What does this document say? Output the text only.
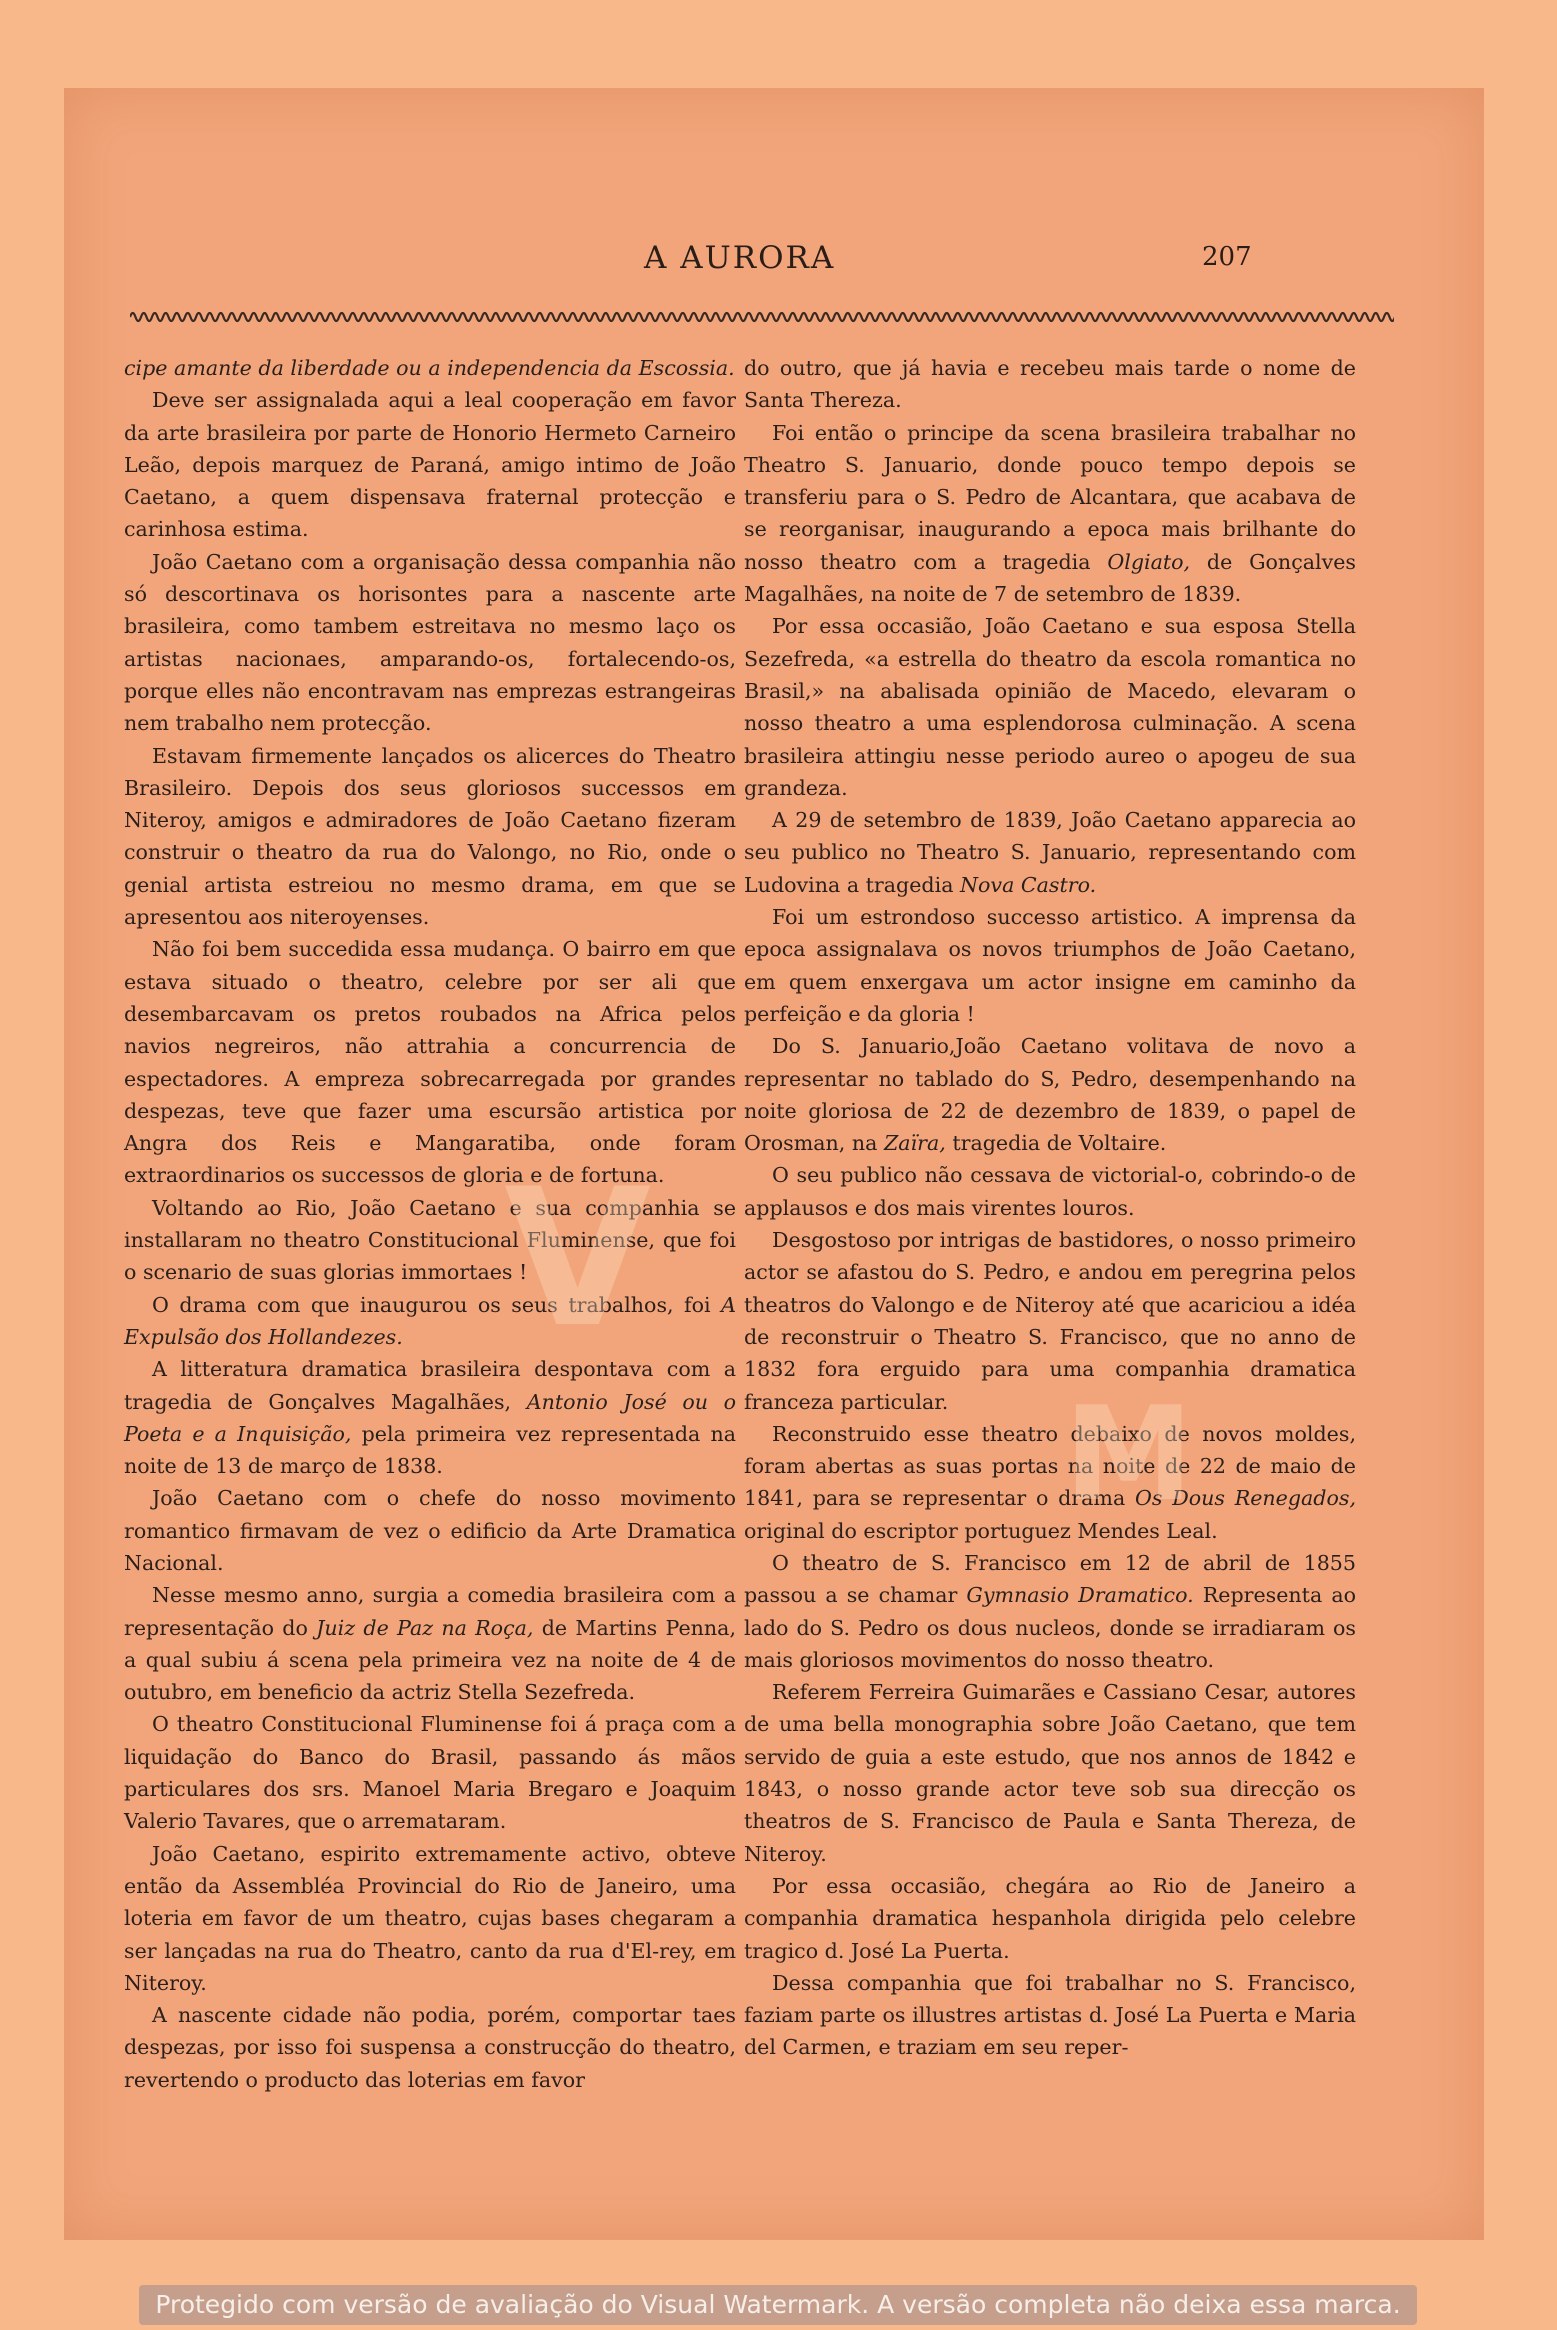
A AURORA	207

cipe amante da liberdade ou a independencia da Escossia.

Deve ser assignalada aqui a leal cooperação em favor da arte brasileira por parte de Honorio Hermeto Carneiro Leão, depois marquez de Paraná, amigo intimo de João Caetano, a quem dispensava fraternal protecção e carinhosa estima.

João Caetano com a organisação dessa companhia não só descortinava os horisontes para a nascente arte brasileira, como tambem estreitava no mesmo laço os artistas nacionaes, amparando-os, fortalecendo-os, porque elles não encontravam nas emprezas estrangeiras nem trabalho nem protecção.

Estavam firmemente lançados os alicerces do Theatro Brasileiro. Depois dos seus gloriosos successos em Niteroy, amigos e admiradores de João Caetano fizeram construir o theatro da rua do Valongo, no Rio, onde o genial artista estreiou no mesmo drama, em que se apresentou aos niteroyenses.

Não foi bem succedida essa mudança. O bairro em que estava situado o theatro, celebre por ser ali que desembarcavam os pretos roubados na Africa pelos navios negreiros, não attrahia a concurrencia de espectadores. A empreza sobrecarregada por grandes despezas, teve que fazer uma escursão artistica por Angra dos Reis e Mangaratiba, onde foram extraordinarios os successos de gloria e de fortuna.

Voltando ao Rio, João Caetano e sua companhia se installaram no theatro Constitucional Fluminense, que foi o scenario de suas glorias immortaes !

O drama com que inaugurou os seus trabalhos, foi A Expulsão dos Hollandezes.

A litteratura dramatica brasileira despontava com a tragedia de Gonçalves Magalhães, Antonio José ou o Poeta e a Inquisição, pela primeira vez representada na noite de 13 de março de 1838.

João Caetano com o chefe do nosso movimento romantico firmavam de vez o edificio da Arte Dramatica Nacional.

Nesse mesmo anno, surgia a comedia brasileira com a representação do Juiz de Paz na Roça, de Martins Penna, a qual subiu á scena pela primeira vez na noite de 4 de outubro, em beneficio da actriz Stella Sezefreda.

O theatro Constitucional Fluminense foi á praça com a liquidação do Banco do Brasil, passando ás mãos particulares dos srs. Manoel Maria Bregaro e Joaquim Valerio Tavares, que o arremataram.

João Caetano, espirito extremamente activo, obteve então da Assembléa Provincial do Rio de Janeiro, uma loteria em favor de um theatro, cujas bases chegaram a ser lançadas na rua do Theatro, canto da rua d'El-rey, em Niteroy.

A nascente cidade não podia, porém, comportar taes despezas, por isso foi suspensa a construcção do theatro, revertendo o producto das loterias em favor

do outro, que já havia e recebeu mais tarde o nome de Santa Thereza.

Foi então o principe da scena brasileira trabalhar no Theatro S. Januario, donde pouco tempo depois se transferiu para o S. Pedro de Alcantara, que acabava de se reorganisar, inaugurando a epoca mais brilhante do nosso theatro com a tragedia Olgiato, de Gonçalves Magalhães, na noite de 7 de setembro de 1839.

Por essa occasião, João Caetano e sua esposa Stella Sezefreda, «a estrella do theatro da escola romantica no Brasil,» na abalisada opinião de Macedo, elevaram o nosso theatro a uma esplendorosa culminação. A scena brasileira attingiu nesse periodo aureo o apogeu de sua grandeza.

A 29 de setembro de 1839, João Caetano apparecia ao seu publico no Theatro S. Januario, representando com Ludovina a tragedia Nova Castro.

Foi um estrondoso successo artistico. A imprensa da epoca assignalava os novos triumphos de João Caetano, em quem enxergava um actor insigne em caminho da perfeição e da gloria !

Do S. Januario,João Caetano volitava de novo a representar no tablado do S, Pedro, desempenhando na noite gloriosa de 22 de dezembro de 1839, o papel de Orosman, na Zaïra, tragedia de Voltaire.

O seu publico não cessava de victorial-o, cobrindo-o de applausos e dos mais virentes louros.

Desgostoso por intrigas de bastidores, o nosso primeiro actor se afastou do S. Pedro, e andou em peregrina pelos theatros do Valongo e de Niteroy até que acariciou a idéa de reconstruir o Theatro S. Francisco, que no anno de 1832 fora erguido para uma companhia dramatica franceza particular.

Reconstruido esse theatro debaixo de novos moldes, foram abertas as suas portas na noite de 22 de maio de 1841, para se representar o drama Os Dous Renegados, original do escriptor portuguez Mendes Leal.

O theatro de S. Francisco em 12 de abril de 1855 passou a se chamar Gymnasio Dramatico. Representa ao lado do S. Pedro os dous nucleos, donde se irradiaram os mais gloriosos movimentos do nosso theatro.

Referem Ferreira Guimarães e Cassiano Cesar, autores de uma bella monographia sobre João Caetano, que tem servido de guia a este estudo, que nos annos de 1842 e 1843, o nosso grande actor teve sob sua direcção os theatros de S. Francisco de Paula e Santa Thereza, de Niteroy.

Por essa occasião, chegára ao Rio de Janeiro a companhia dramatica hespanhola dirigida pelo celebre tragico d. José La Puerta.

Dessa companhia que foi trabalhar no S. Francisco, faziam parte os illustres artistas d. José La Puerta e Maria del Carmen, e traziam em seu reper-

V
M
Protegido com versão de avaliação do Visual Watermark. A versão completa não deixa essa marca.
